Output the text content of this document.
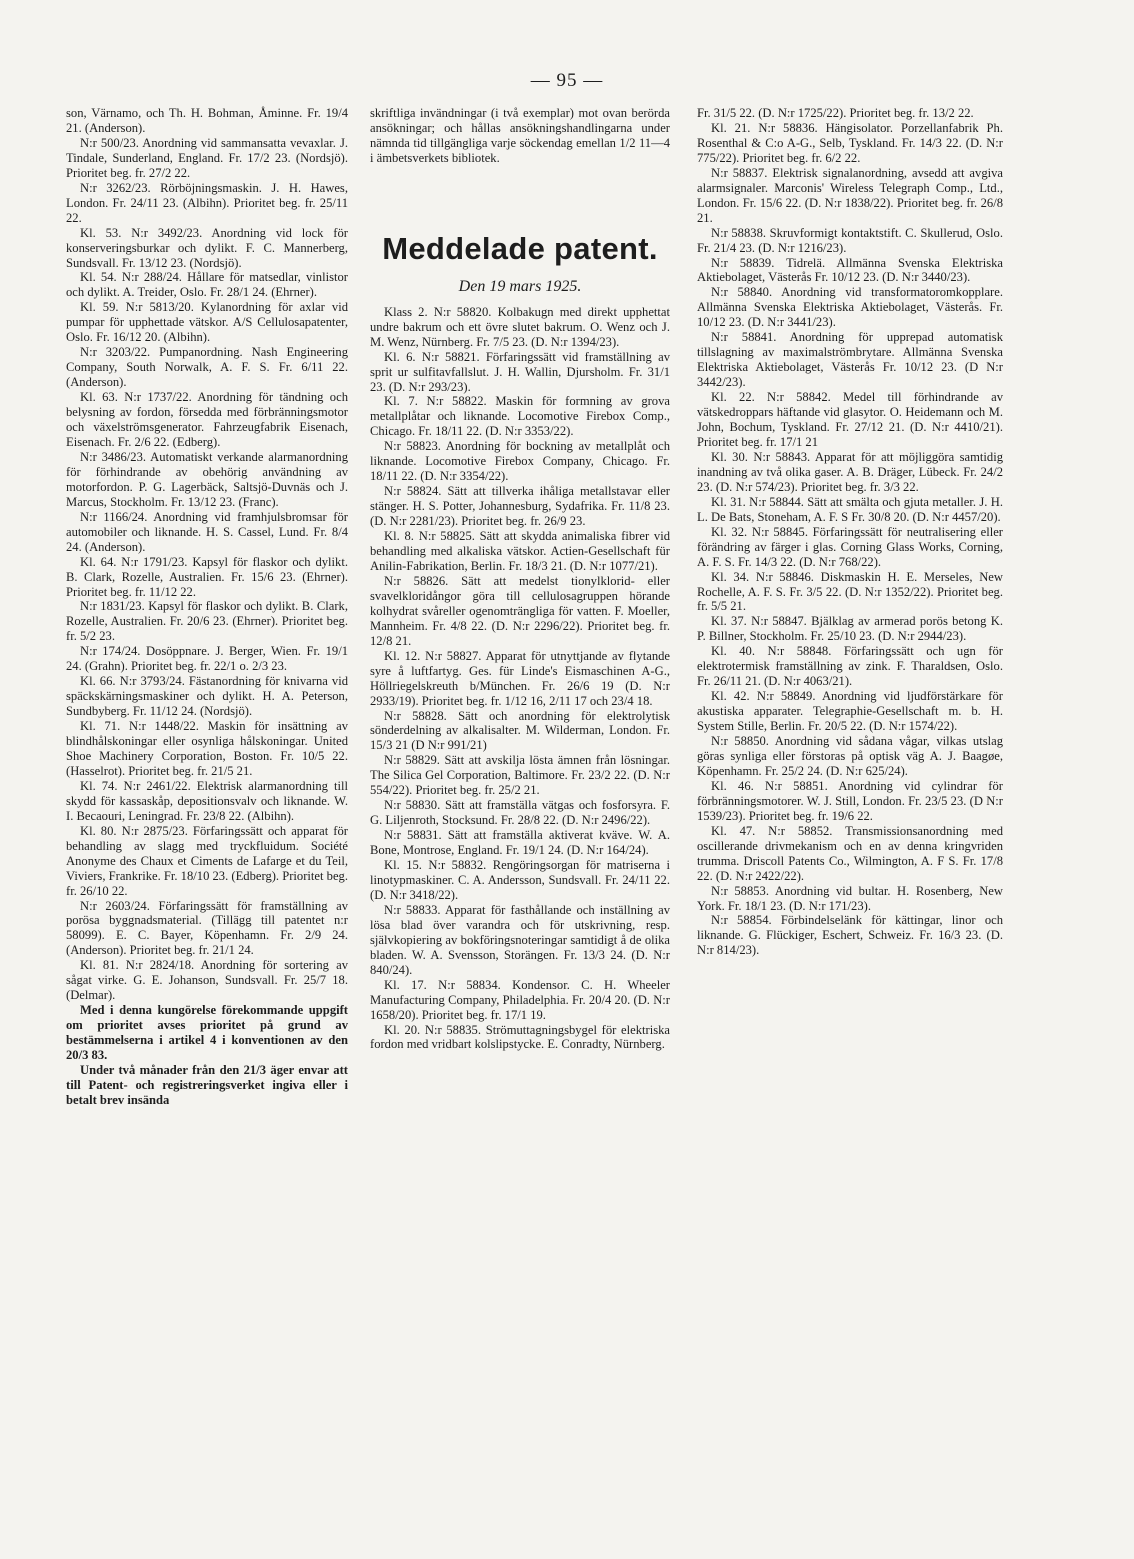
— 95 —

son, Värnamo, och Th. H. Bohman, Åminne. Fr. 19/4 21. (Anderson).

N:r 500/23. Anordning vid sammansatta vevaxlar. J. Tindale, Sunderland, England. Fr. 17/2 23. (Nordsjö). Prioritet beg. fr. 27/2 22.

N:r 3262/23. Rörböjningsmaskin. J. H. Hawes, London. Fr. 24/11 23. (Albihn). Prioritet beg. fr. 25/11 22.

Kl. 53. N:r 3492/23. Anordning vid lock för konserveringsburkar och dylikt. F. C. Mannerberg, Sundsvall. Fr. 13/12 23. (Nordsjö).

Kl. 54. N:r 288/24. Hållare för matsedlar, vinlistor och dylikt. A. Treider, Oslo. Fr. 28/1 24. (Ehrner).

Kl. 59. N:r 5813/20. Kylanordning för axlar vid pumpar för upphettade vätskor. A/S Cellulosapatenter, Oslo. Fr. 16/12 20. (Albihn).

N:r 3203/22. Pumpanordning. Nash Engineering Company, South Norwalk, A. F. S. Fr. 6/11 22. (Anderson).

Kl. 63. N:r 1737/22. Anordning för tändning och belysning av fordon, försedda med förbränningsmotor och växelströmsgenerator. Fahrzeugfabrik Eisenach, Eisenach. Fr. 2/6 22. (Edberg).

N:r 3486/23. Automatiskt verkande alarmanordning för förhindrande av obehörig användning av motorfordon. P. G. Lagerbäck, Saltsjö-Duvnäs och J. Marcus, Stockholm. Fr. 13/12 23. (Franc).

N:r 1166/24. Anordning vid framhjulsbromsar för automobiler och liknande. H. S. Cassel, Lund. Fr. 8/4 24. (Anderson).

Kl. 64. N:r 1791/23. Kapsyl för flaskor och dylikt. B. Clark, Rozelle, Australien. Fr. 15/6 23. (Ehrner). Prioritet beg. fr. 11/12 22.

N:r 1831/23. Kapsyl för flaskor och dylikt. B. Clark, Rozelle, Australien. Fr. 20/6 23. (Ehrner). Prioritet beg. fr. 5/2 23.

N:r 174/24. Dosöppnare. J. Berger, Wien. Fr. 19/1 24. (Grahn). Prioritet beg. fr. 22/1 o. 2/3 23.

Kl. 66. N:r 3793/24. Fästanordning för knivarna vid späckskärningsmaskiner och dylikt. H. A. Peterson, Sundbyberg. Fr. 11/12 24. (Nordsjö).

Kl. 71. N:r 1448/22. Maskin för insättning av blindhålskoningar eller osynliga hålskoningar. United Shoe Machinery Corporation, Boston. Fr. 10/5 22. (Hasselrot). Prioritet beg. fr. 21/5 21.

Kl. 74. N:r 2461/22. Elektrisk alarmanordning till skydd för kassaskåp, depositionsvalv och liknande. W. I. Becaouri, Leningrad. Fr. 23/8 22. (Albihn).

Kl. 80. N:r 2875/23. Förfaringssätt och apparat för behandling av slagg med tryckfluidum. Société Anonyme des Chaux et Ciments de Lafarge et du Teil, Viviers, Frankrike. Fr. 18/10 23. (Edberg). Prioritet beg. fr. 26/10 22.

N:r 2603/24. Förfaringssätt för framställning av porösa byggnadsmaterial. (Tillägg till patentet n:r 58099). E. C. Bayer, Köpenhamn. Fr. 2/9 24. (Anderson). Prioritet beg. fr. 21/1 24.

Kl. 81. N:r 2824/18. Anordning för sortering av sågat virke. G. E. Johanson, Sundsvall. Fr. 25/7 18. (Delmar).

Med i denna kungörelse förekommande uppgift om prioritet avses prioritet på grund av bestämmelserna i artikel 4 i konventionen av den 20/3 83.

Under två månader från den 21/3 äger envar att till Patent- och registreringsverket ingiva eller i betalt brev insända

skriftliga invändningar (i två exemplar) mot ovan berörda ansökningar; och hållas ansökningshandlingarna under nämnda tid tillgängliga varje söckendag emellan 1/2 11—4 i ämbetsverkets bibliotek.

Meddelade patent.
Den 19 mars 1925.

Klass 2. N:r 58820. Kolbakugn med direkt upphettat undre bakrum och ett övre slutet bakrum. O. Wenz och J. M. Wenz, Nürnberg. Fr. 7/5 23. (D. N:r 1394/23).

Kl. 6. N:r 58821. Förfaringssätt vid framställning av sprit ur sulfitavfallslut. J. H. Wallin, Djursholm. Fr. 31/1 23. (D. N:r 293/23).

Kl. 7. N:r 58822. Maskin för formning av grova metallplåtar och liknande. Locomotive Firebox Comp., Chicago. Fr. 18/11 22. (D. N:r 3353/22).

N:r 58823. Anordning för bockning av metallplåt och liknande. Locomotive Firebox Company, Chicago. Fr. 18/11 22. (D. N:r 3354/22).

N:r 58824. Sätt att tillverka ihåliga metallstavar eller stänger. H. S. Potter, Johannesburg, Sydafrika. Fr. 11/8 23. (D. N:r 2281/23). Prioritet beg. fr. 26/9 23.

Kl. 8. N:r 58825. Sätt att skydda animaliska fibrer vid behandling med alkaliska vätskor. Actien-Gesellschaft für Anilin-Fabrikation, Berlin. Fr. 18/3 21. (D. N:r 1077/21).

N:r 58826. Sätt att medelst tionylklorid- eller svavelkloridångor göra till cellulosagruppen hörande kolhydrat svåreller ogenomträngliga för vatten. F. Moeller, Mannheim. Fr. 4/8 22. (D. N:r 2296/22). Prioritet beg. fr. 12/8 21.

Kl. 12. N:r 58827. Apparat för utnyttjande av flytande syre å luftfartyg. Ges. für Linde's Eismaschinen A-G., Höllriegelskreuth b/München. Fr. 26/6 19 (D. N:r 2933/19). Prioritet beg. fr. 1/12 16, 2/11 17 och 23/4 18.

N:r 58828. Sätt och anordning för elektrolytisk sönderdelning av alkalisalter. M. Wilderman, London. Fr. 15/3 21 (D N:r 991/21)

N:r 58829. Sätt att avskilja lösta ämnen från lösningar. The Silica Gel Corporation, Baltimore. Fr. 23/2 22. (D. N:r 554/22). Prioritet beg. fr. 25/2 21.

N:r 58830. Sätt att framställa vätgas och fosforsyra. F. G. Liljenroth, Stocksund. Fr. 28/8 22. (D. N:r 2496/22).

N:r 58831. Sätt att framställa aktiverat kväve. W. A. Bone, Montrose, England. Fr. 19/1 24. (D. N:r 164/24).

Kl. 15. N:r 58832. Rengöringsorgan för matriserna i linotypmaskiner. C. A. Andersson, Sundsvall. Fr. 24/11 22. (D. N:r 3418/22).

N:r 58833. Apparat för fasthållande och inställning av lösa blad över varandra och för utskrivning, resp. självkopiering av bokföringsnoteringar samtidigt å de olika bladen. W. A. Svensson, Storängen. Fr. 13/3 24. (D. N:r 840/24).

Kl. 17. N:r 58834. Kondensor. C. H. Wheeler Manufacturing Company, Philadelphia. Fr. 20/4 20. (D. N:r 1658/20). Prioritet beg. fr. 17/1 19.

Kl. 20. N:r 58835. Strömuttagningsbygel för elektriska fordon med vridbart kolslipstycke. E. Conradty, Nürnberg.

Fr. 31/5 22. (D. N:r 1725/22). Prioritet beg. fr. 13/2 22.

Kl. 21. N:r 58836. Hängisolator. Porzellanfabrik Ph. Rosenthal & C:o A-G., Selb, Tyskland. Fr. 14/3 22. (D. N:r 775/22). Prioritet beg. fr. 6/2 22.

N:r 58837. Elektrisk signalanordning, avsedd att avgiva alarmsignaler. Marconis' Wireless Telegraph Comp., Ltd., London. Fr. 15/6 22. (D. N:r 1838/22). Prioritet beg. fr. 26/8 21.

N:r 58838. Skruvformigt kontaktstift. C. Skullerud, Oslo. Fr. 21/4 23. (D. N:r 1216/23).

N:r 58839. Tidrelä. Allmänna Svenska Elektriska Aktiebolaget, Västerås Fr. 10/12 23. (D. N:r 3440/23).

N:r 58840. Anordning vid transformatoromkopplare. Allmänna Svenska Elektriska Aktiebolaget, Västerås. Fr. 10/12 23. (D. N:r 3441/23).

N:r 58841. Anordning för upprepad automatisk tillslagning av maximalströmbrytare. Allmänna Svenska Elektriska Aktiebolaget, Västerås Fr. 10/12 23. (D N:r 3442/23).

Kl. 22. N:r 58842. Medel till förhindrande av vätskedroppars häftande vid glasytor. O. Heidemann och M. John, Bochum, Tyskland. Fr. 27/12 21. (D. N:r 4410/21). Prioritet beg. fr. 17/1 21

Kl. 30. N:r 58843. Apparat för att möjliggöra samtidig inandning av två olika gaser. A. B. Dräger, Lübeck. Fr. 24/2 23. (D. N:r 574/23). Prioritet beg. fr. 3/3 22.

Kl. 31. N:r 58844. Sätt att smälta och gjuta metaller. J. H. L. De Bats, Stoneham, A. F. S Fr. 30/8 20. (D. N:r 4457/20).

Kl. 32. N:r 58845. Förfaringssätt för neutralisering eller förändring av färger i glas. Corning Glass Works, Corning, A. F. S. Fr. 14/3 22. (D. N:r 768/22).

Kl. 34. N:r 58846. Diskmaskin H. E. Merseles, New Rochelle, A. F. S. Fr. 3/5 22. (D. N:r 1352/22). Prioritet beg. fr. 5/5 21.

Kl. 37. N:r 58847. Bjälklag av armerad porös betong K. P. Billner, Stockholm. Fr. 25/10 23. (D. N:r 2944/23).

Kl. 40. N:r 58848. Förfaringssätt och ugn för elektrotermisk framställning av zink. F. Tharaldsen, Oslo. Fr. 26/11 21. (D. N:r 4063/21).

Kl. 42. N:r 58849. Anordning vid ljudförstärkare för akustiska apparater. Telegraphie-Gesellschaft m. b. H. System Stille, Berlin. Fr. 20/5 22. (D. N:r 1574/22).

N:r 58850. Anordning vid sådana vågar, vilkas utslag göras synliga eller förstoras på optisk väg A. J. Baagøe, Köpenhamn. Fr. 25/2 24. (D. N:r 625/24).

Kl. 46. N:r 58851. Anordning vid cylindrar för förbränningsmotorer. W. J. Still, London. Fr. 23/5 23. (D N:r 1539/23). Prioritet beg. fr. 19/6 22.

Kl. 47. N:r 58852. Transmissionsanordning med oscillerande drivmekanism och en av denna kringvriden trumma. Driscoll Patents Co., Wilmington, A. F S. Fr. 17/8 22. (D. N:r 2422/22).

N:r 58853. Anordning vid bultar. H. Rosenberg, New York. Fr. 18/1 23. (D. N:r 171/23).

N:r 58854. Förbindelselänk för kättingar, linor och liknande. G. Flückiger, Eschert, Schweiz. Fr. 16/3 23. (D. N:r 814/23).
